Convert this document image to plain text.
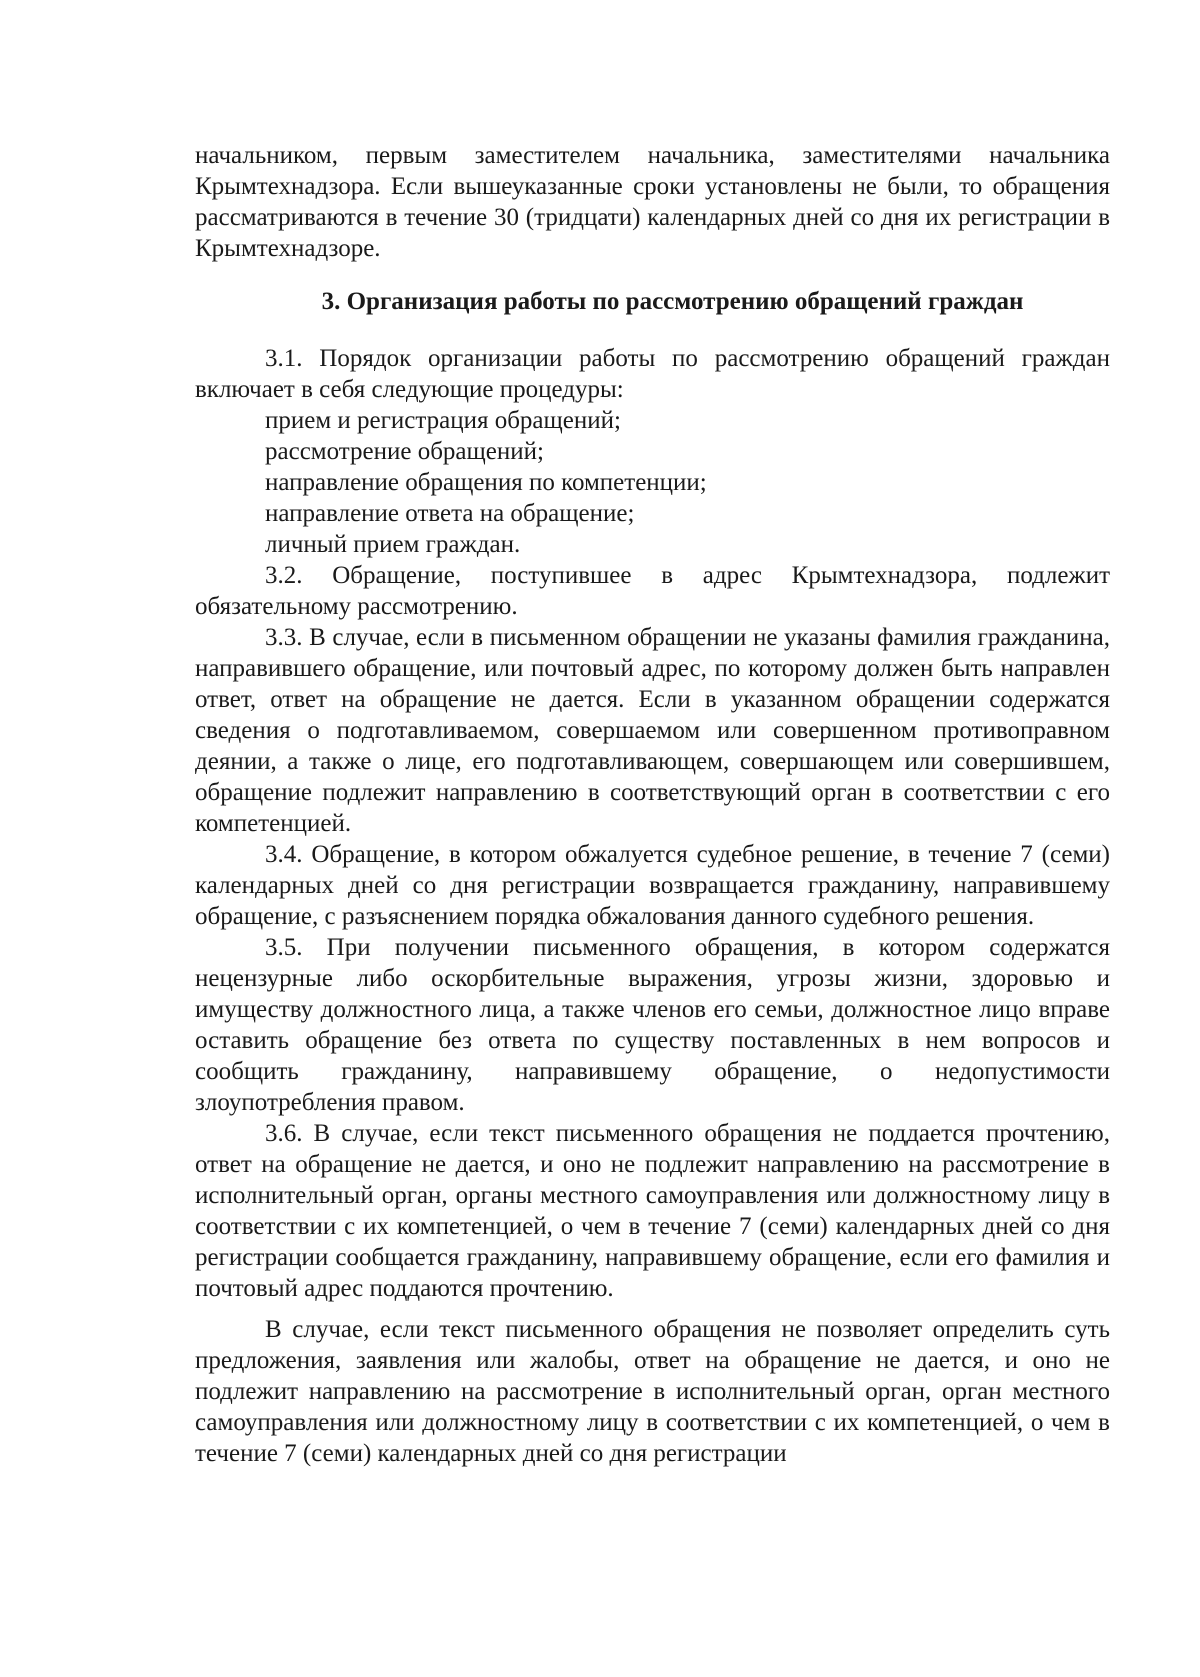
начальником, первым заместителем начальника, заместителями начальника Крымтехнадзора. Если вышеуказанные сроки установлены не были, то обращения рассматриваются в течение 30 (тридцати) календарных дней со дня их регистрации в Крымтехнадзоре.

3. Организация работы по рассмотрению обращений граждан

3.1. Порядок организации работы по рассмотрению обращений граждан включает в себя следующие процедуры:

прием и регистрация обращений;

рассмотрение обращений;

направление обращения по компетенции;

направление ответа на обращение;

личный прием граждан.

3.2. Обращение, поступившее в адрес Крымтехнадзора, подлежит обязательному рассмотрению.

3.3. В случае, если в письменном обращении не указаны фамилия гражданина, направившего обращение, или почтовый адрес, по которому должен быть направлен ответ, ответ на обращение не дается. Если в указанном обращении содержатся сведения о подготавливаемом, совершаемом или совершенном противоправном деянии, а также о лице, его подготавливающем, совершающем или совершившем, обращение подлежит направлению в соответствующий орган в соответствии с его компетенцией.

3.4. Обращение, в котором обжалуется судебное решение, в течение 7 (семи) календарных дней со дня регистрации возвращается гражданину, направившему обращение, с разъяснением порядка обжалования данного судебного решения.

3.5. При получении письменного обращения, в котором содержатся нецензурные либо оскорбительные выражения, угрозы жизни, здоровью и имуществу должностного лица, а также членов его семьи, должностное лицо вправе оставить обращение без ответа по существу поставленных в нем вопросов и сообщить гражданину, направившему обращение, о недопустимости злоупотребления правом.

3.6. В случае, если текст письменного обращения не поддается прочтению, ответ на обращение не дается, и оно не подлежит направлению на рассмотрение в исполнительный орган, органы местного самоуправления или должностному лицу в соответствии с их компетенцией, о чем в течение 7 (семи) календарных дней со дня регистрации сообщается гражданину, направившему обращение, если его фамилия и почтовый адрес поддаются прочтению.

В случае, если текст письменного обращения не позволяет определить суть предложения, заявления или жалобы, ответ на обращение не дается, и оно не подлежит направлению на рассмотрение в исполнительный орган, орган местного самоуправления или должностному лицу в соответствии с их компетенцией, о чем в течение 7 (семи) календарных дней со дня регистрации
